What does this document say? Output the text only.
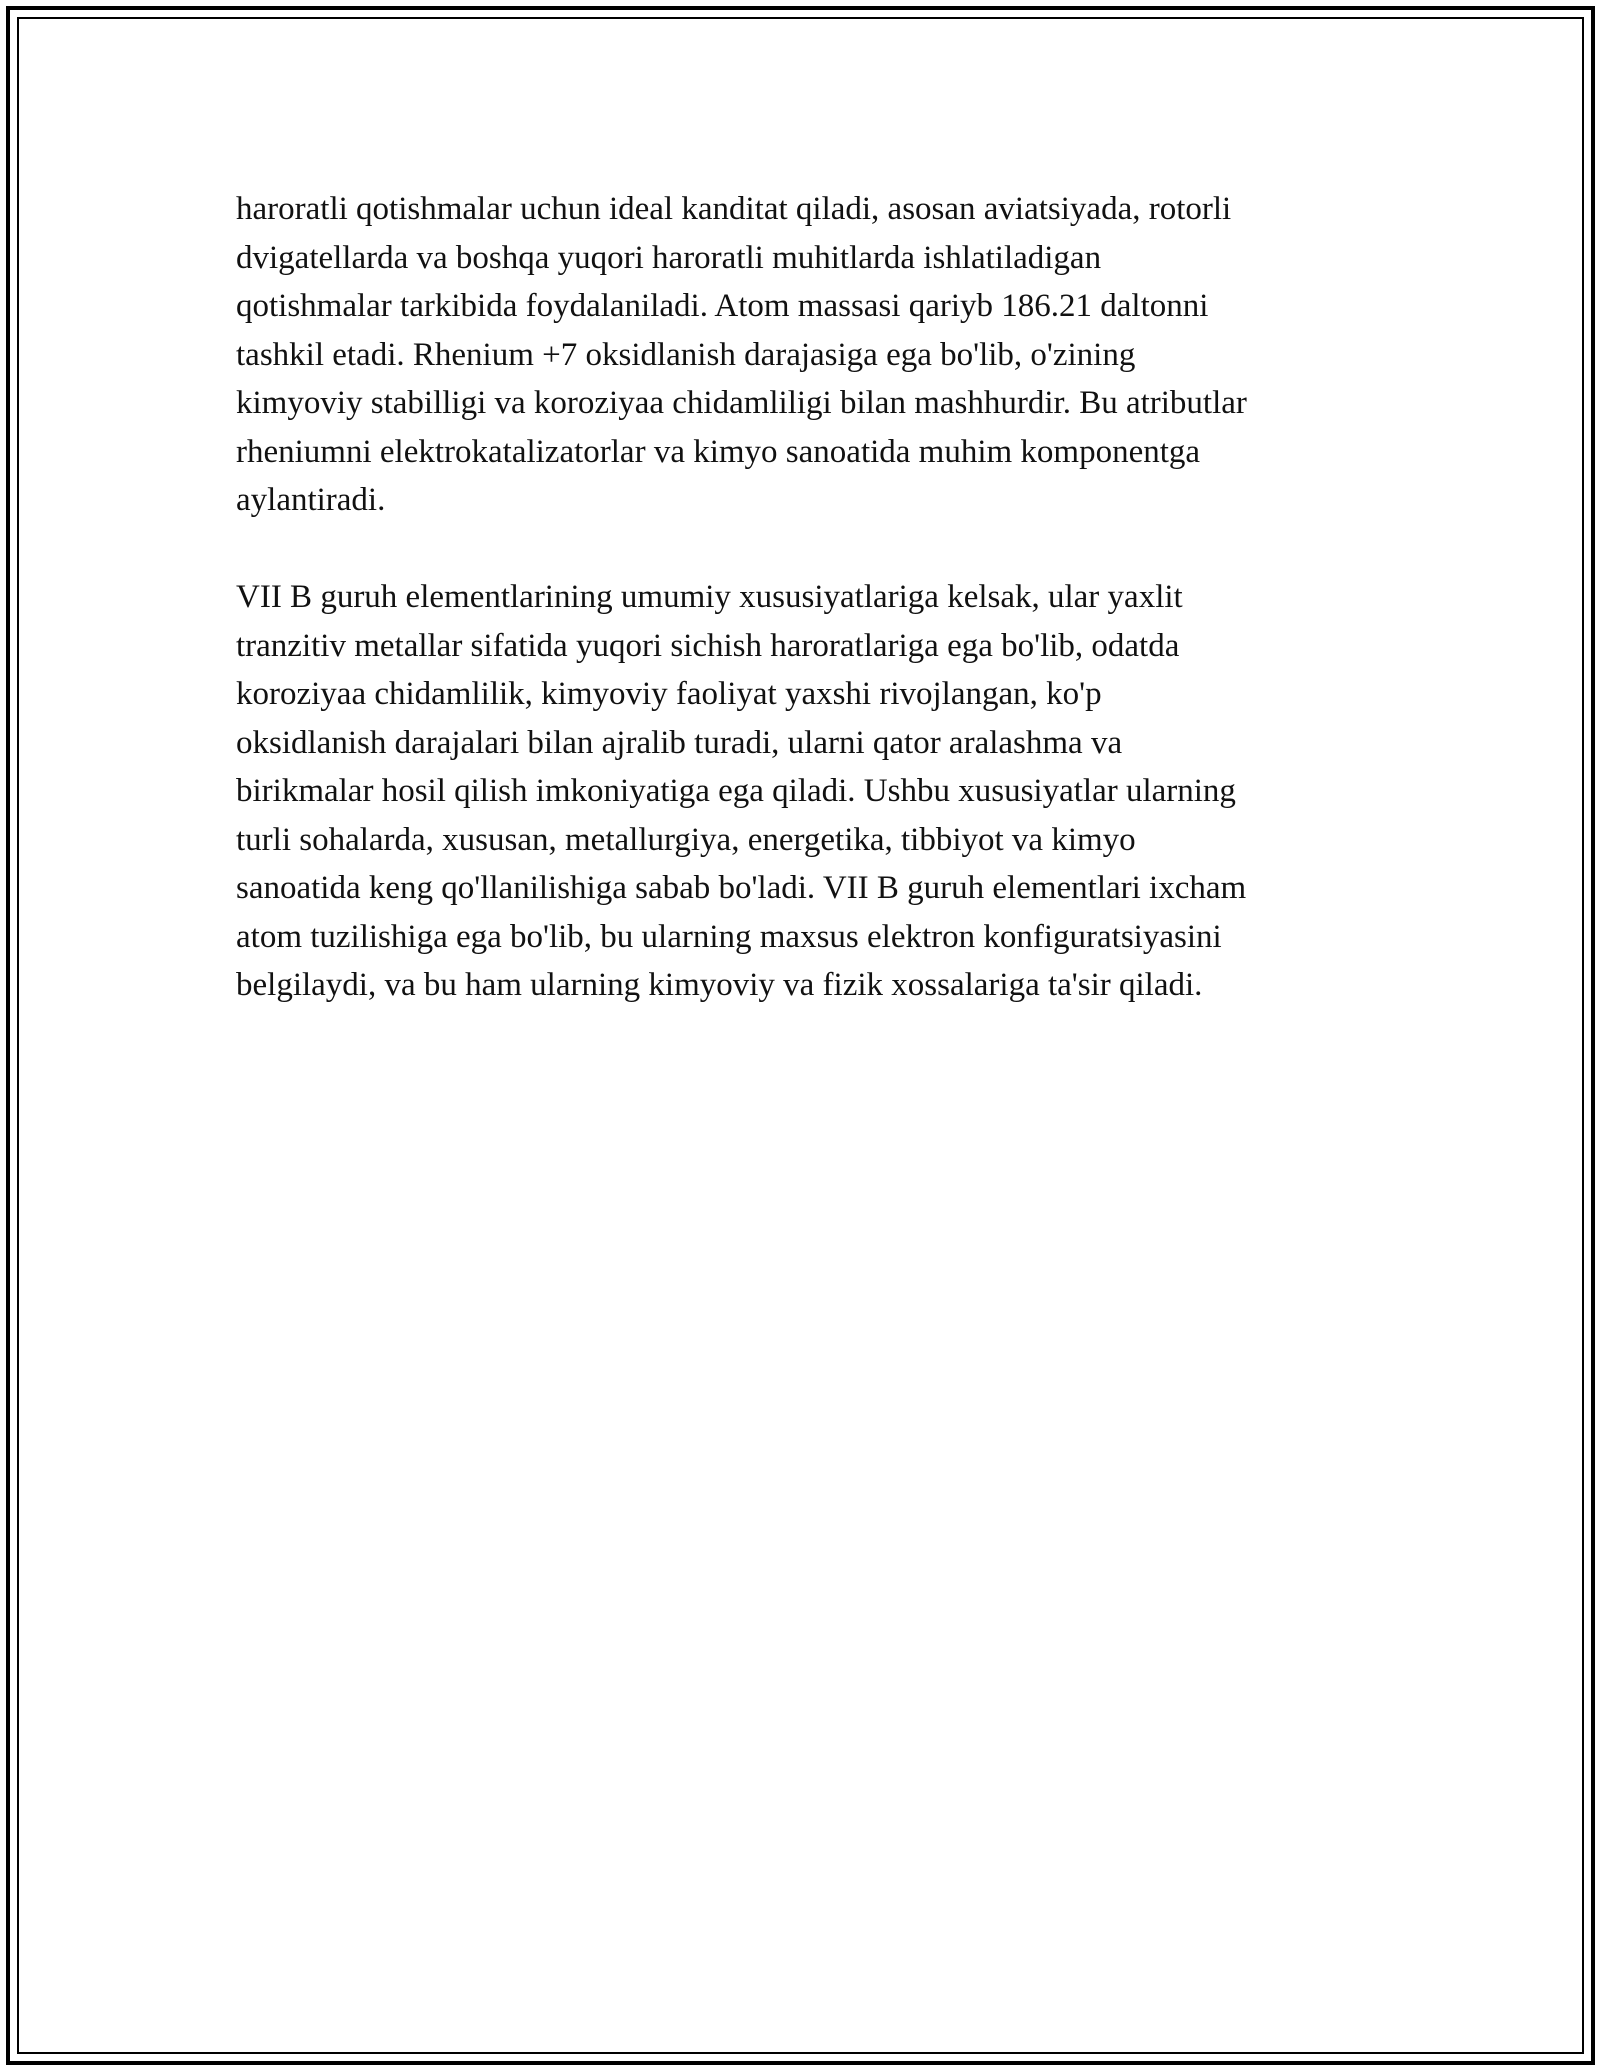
haroratli qotishmalar uchun ideal kanditat qiladi, asosan aviatsiyada, rotorli
dvigatellarda va boshqa yuqori haroratli muhitlarda ishlatiladigan
qotishmalar tarkibida foydalaniladi. Atom massasi qariyb 186.21 daltonni
tashkil etadi. Rhenium +7 oksidlanish darajasiga ega bo'lib, o'zining
kimyoviy stabilligi va koroziyaa chidamliligi bilan mashhurdir. Bu atributlar
rheniumni elektrokatalizatorlar va kimyo sanoatida muhim komponentga
aylantiradi.

VII B guruh elementlarining umumiy xususiyatlariga kelsak, ular yaxlit
tranzitiv metallar sifatida yuqori sichish haroratlariga ega bo'lib, odatda
koroziyaa chidamlilik, kimyoviy faoliyat yaxshi rivojlangan, ko'p
oksidlanish darajalari bilan ajralib turadi, ularni qator aralashma va
birikmalar hosil qilish imkoniyatiga ega qiladi. Ushbu xususiyatlar ularning
turli sohalarda, xususan, metallurgiya, energetika, tibbiyot va kimyo
sanoatida keng qo'llanilishiga sabab bo'ladi. VII B guruh elementlari ixcham
atom tuzilishiga ega bo'lib, bu ularning maxsus elektron konfiguratsiyasini
belgilaydi, va bu ham ularning kimyoviy va fizik xossalariga ta'sir qiladi.
